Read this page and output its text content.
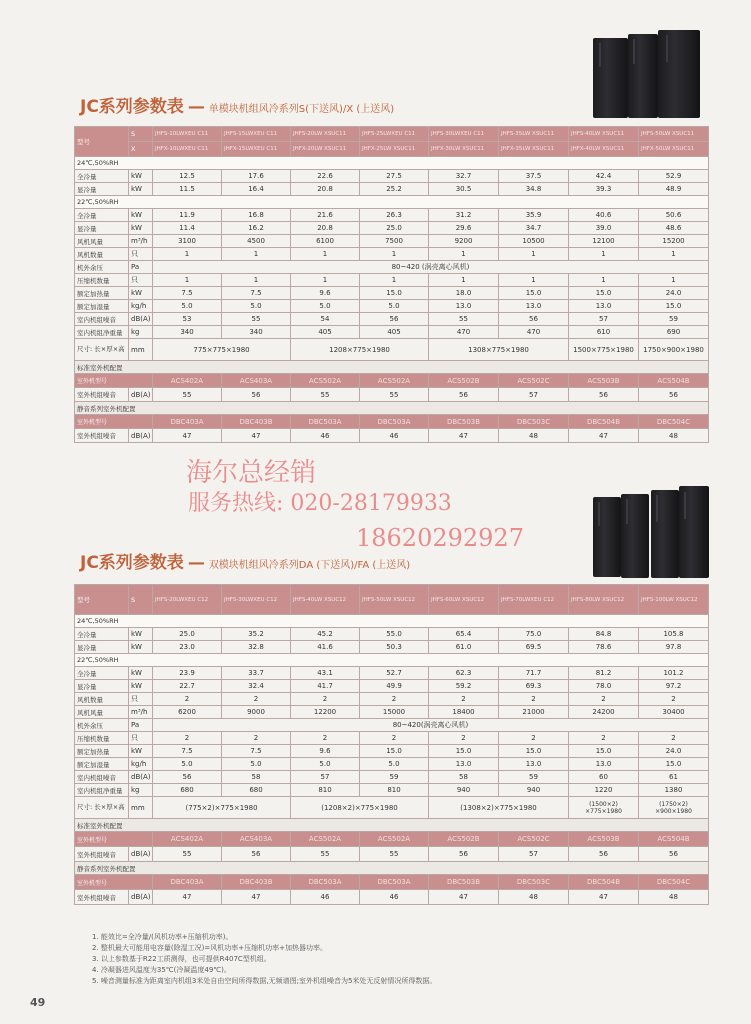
JC系列参数表 — 单模块机组风冷系列S(下送风)/X (上送风)
型号	S	JHFS-10LWXEU C11	JHFS-15LWXEU C11	JHFS-20LW XSUC11	JHFS-25LWXEU C11	JHFS-30LWXEU C11	JHFS-35LW XSUC11	JHFS-40LW XSUC11	JHFS-50LW XSUC11
	X	JHFX-10LWXEU C11	JHFX-15LWXEU C11	JHFX-20LW XSUC11	JHFX-25LW XSUC11	JHFX-30LW XSUC11	JHFX-35LW XSUC11	JHFX-40LW XSUC11	JHFX-50LW XSUC11
24℃,50%RH									
全冷量	kW	12.5	17.6	22.6	27.5	32.7	37.5	42.4	52.9
显冷量	kW	11.5	16.4	20.8	25.2	30.5	34.8	39.3	48.9
22℃,50%RH									
全冷量	kW	11.9	16.8	21.6	26.3	31.2	35.9	40.6	50.6
显冷量	kW	11.4	16.2	20.8	25.0	29.6	34.7	39.0	48.6
风机风量	m³/h	3100	4500	6100	7500	9200	10500	12100	15200
风机数量	只	1	1	1	1	1	1	1	1
机外余压	Pa	80~420 (涡壳离心风机)							
压缩机数量	只	1	1	1	1	1	1	1	1
额定加热量	kW	7.5	7.5	9.6	15.0	18.0	15.0	15.0	24.0
额定加湿量	kg/h	5.0	5.0	5.0	5.0	13.0	13.0	13.0	15.0
室内机组噪音	dB(A)	53	55	54	56	55	56	57	59
室内机组净重量	kg	340	340	405	405	470	470	610	690
尺寸: 长×厚×高	mm	775×775×1980		1208×775×1980		1308×775×1980		1500×775×1980	1750×900×1980
标准室外机配置									
室外机型号		ACS402A	ACS403A	ACS502A	ACS502A	ACS502B	ACS502C	ACS503B	ACS504B
室外机组噪音	dB(A)	55	56	55	55	56	57	56	56
静音系列室外机配置									
室外机型号		DBC403A	DBC403B	DBC503A	DBC503A	DBC503B	DBC503C	DBC504B	DBC504C
室外机组噪音	dB(A)	47	47	46	46	47	48	47	48
海尔总经销
服务热线: 020-28179933
18620292927
JC系列参数表 — 双模块机组风冷系列DA (下送风)/FA (上送风)
型号	S	JHFS-20LWXEU C12	JHFS-30LWXEU C12	JHFS-40LW XSUC12	JHFS-50LW XSUC12	JHFS-60LW XSUC12	JHFS-70LWXEU C12	JHFS-80LW XSUC12	JHFS-100LW XSUC12
24℃,50%RH									
全冷量	kW	25.0	35.2	45.2	55.0	65.4	75.0	84.8	105.8
显冷量	kW	23.0	32.8	41.6	50.3	61.0	69.5	78.6	97.8
22℃,50%RH									
全冷量	kW	23.9	33.7	43.1	52.7	62.3	71.7	81.2	101.2
显冷量	kW	22.7	32.4	41.7	49.9	59.2	69.3	78.0	97.2
风机数量	只	2	2	2	2	2	2	2	2
风机风量	m³/h	6200	9000	12200	15000	18400	21000	24200	30400
机外余压	Pa	80~420(涡壳离心风机)							
压缩机数量	只	2	2	2	2	2	2	2	2
额定加热量	kW	7.5	7.5	9.6	15.0	15.0	15.0	15.0	24.0
额定加湿量	kg/h	5.0	5.0	5.0	5.0	13.0	13.0	13.0	15.0
室内机组噪音	dB(A)	56	58	57	59	58	59	60	61
室内机组净重量	kg	680	680	810	810	940	940	1220	1380
尺寸: 长×厚×高	mm	(775×2)×775×1980		(1208×2)×775×1980		(1308×2)×775×1980		(1500×2) ×775×1980	(1750×2) ×900×1980
标准室外机配置									
室外机型号		ACS402A	ACS403A	ACS502A	ACS502A	ACS502B	ACS502C	ACS503B	ACS504B
室外机组噪音	dB(A)	55	56	55	55	56	57	56	56
静音系列室外机配置									
室外机型号		DBC403A	DBC403B	DBC503A	DBC503A	DBC503B	DBC503C	DBC504B	DBC504C
室外机组噪音	dB(A)	47	47	46	46	47	48	47	48
1. 能效比=全冷量/(风机功率+压缩机功率)。
2. 整机最大可能用电容量(除湿工况)=风机功率+压缩机功率+加热器功率。
3. 以上参数基于R22工质测得，也可提供R407C型机组。
4. 冷凝器进风温度为35℃(冷凝温度49℃)。
5. 噪音测量标准为距离室内机组3米处自由空间所得数据,无频谱图;室外机组噪音为5米处无反射情况所得数据。
49
